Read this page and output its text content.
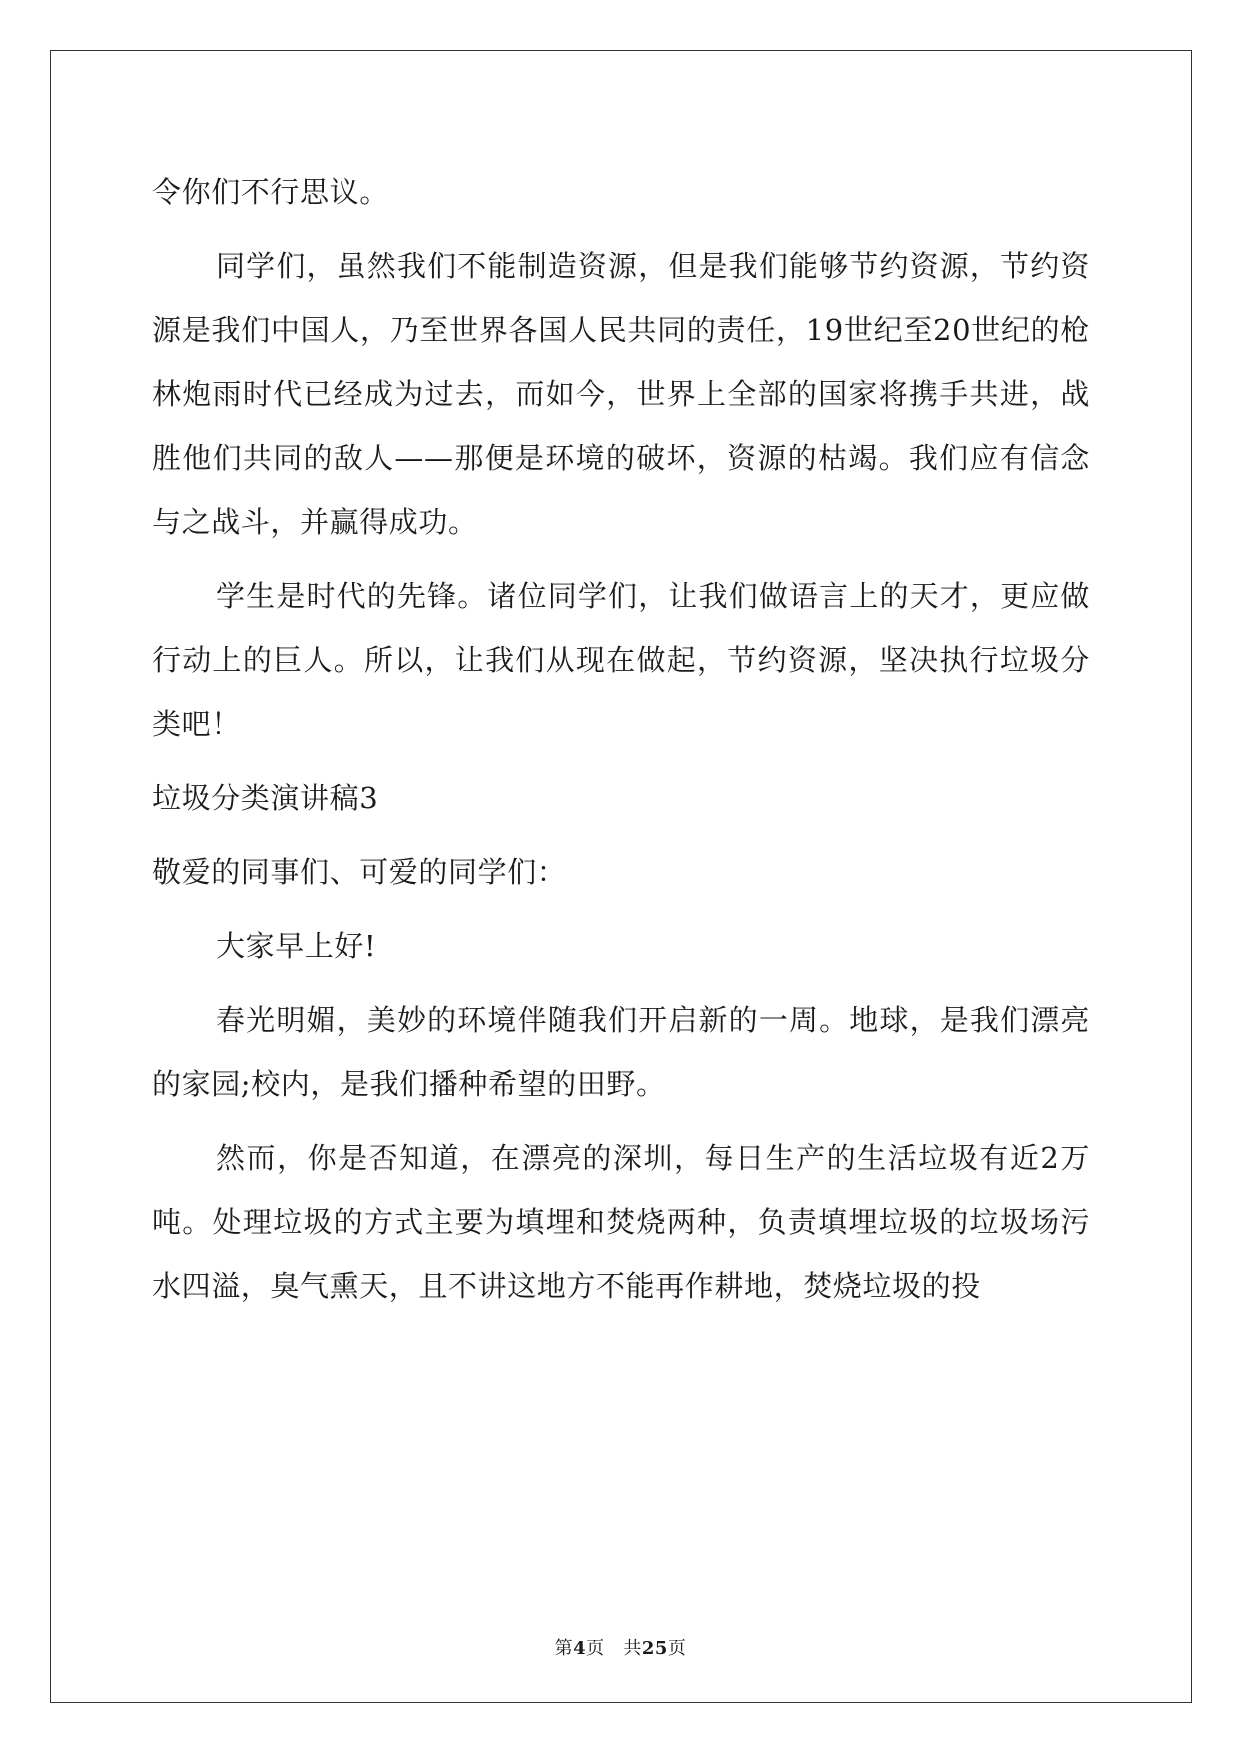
令你们不行思议。

同学们，虽然我们不能制造资源，但是我们能够节约资源，节约资源是我们中国人，乃至世界各国人民共同的责任，19世纪至20世纪的枪林炮雨时代已经成为过去，而如今，世界上全部的国家将携手共进，战胜他们共同的敌人——那便是环境的破坏，资源的枯竭。我们应有信念与之战斗，并赢得成功。

学生是时代的先锋。诸位同学们，让我们做语言上的天才，更应做行动上的巨人。所以，让我们从现在做起，节约资源，坚决执行垃圾分类吧！

垃圾分类演讲稿3

敬爱的同事们、可爱的同学们：

大家早上好!

春光明媚，美妙的环境伴随我们开启新的一周。地球，是我们漂亮的家园;校内，是我们播种希望的田野。

然而，你是否知道，在漂亮的深圳，每日生产的生活垃圾有近2万吨。处理垃圾的方式主要为填埋和焚烧两种，负责填埋垃圾的垃圾场污水四溢，臭气熏天，且不讲这地方不能再作耕地，焚烧垃圾的投

第4页 共25页
